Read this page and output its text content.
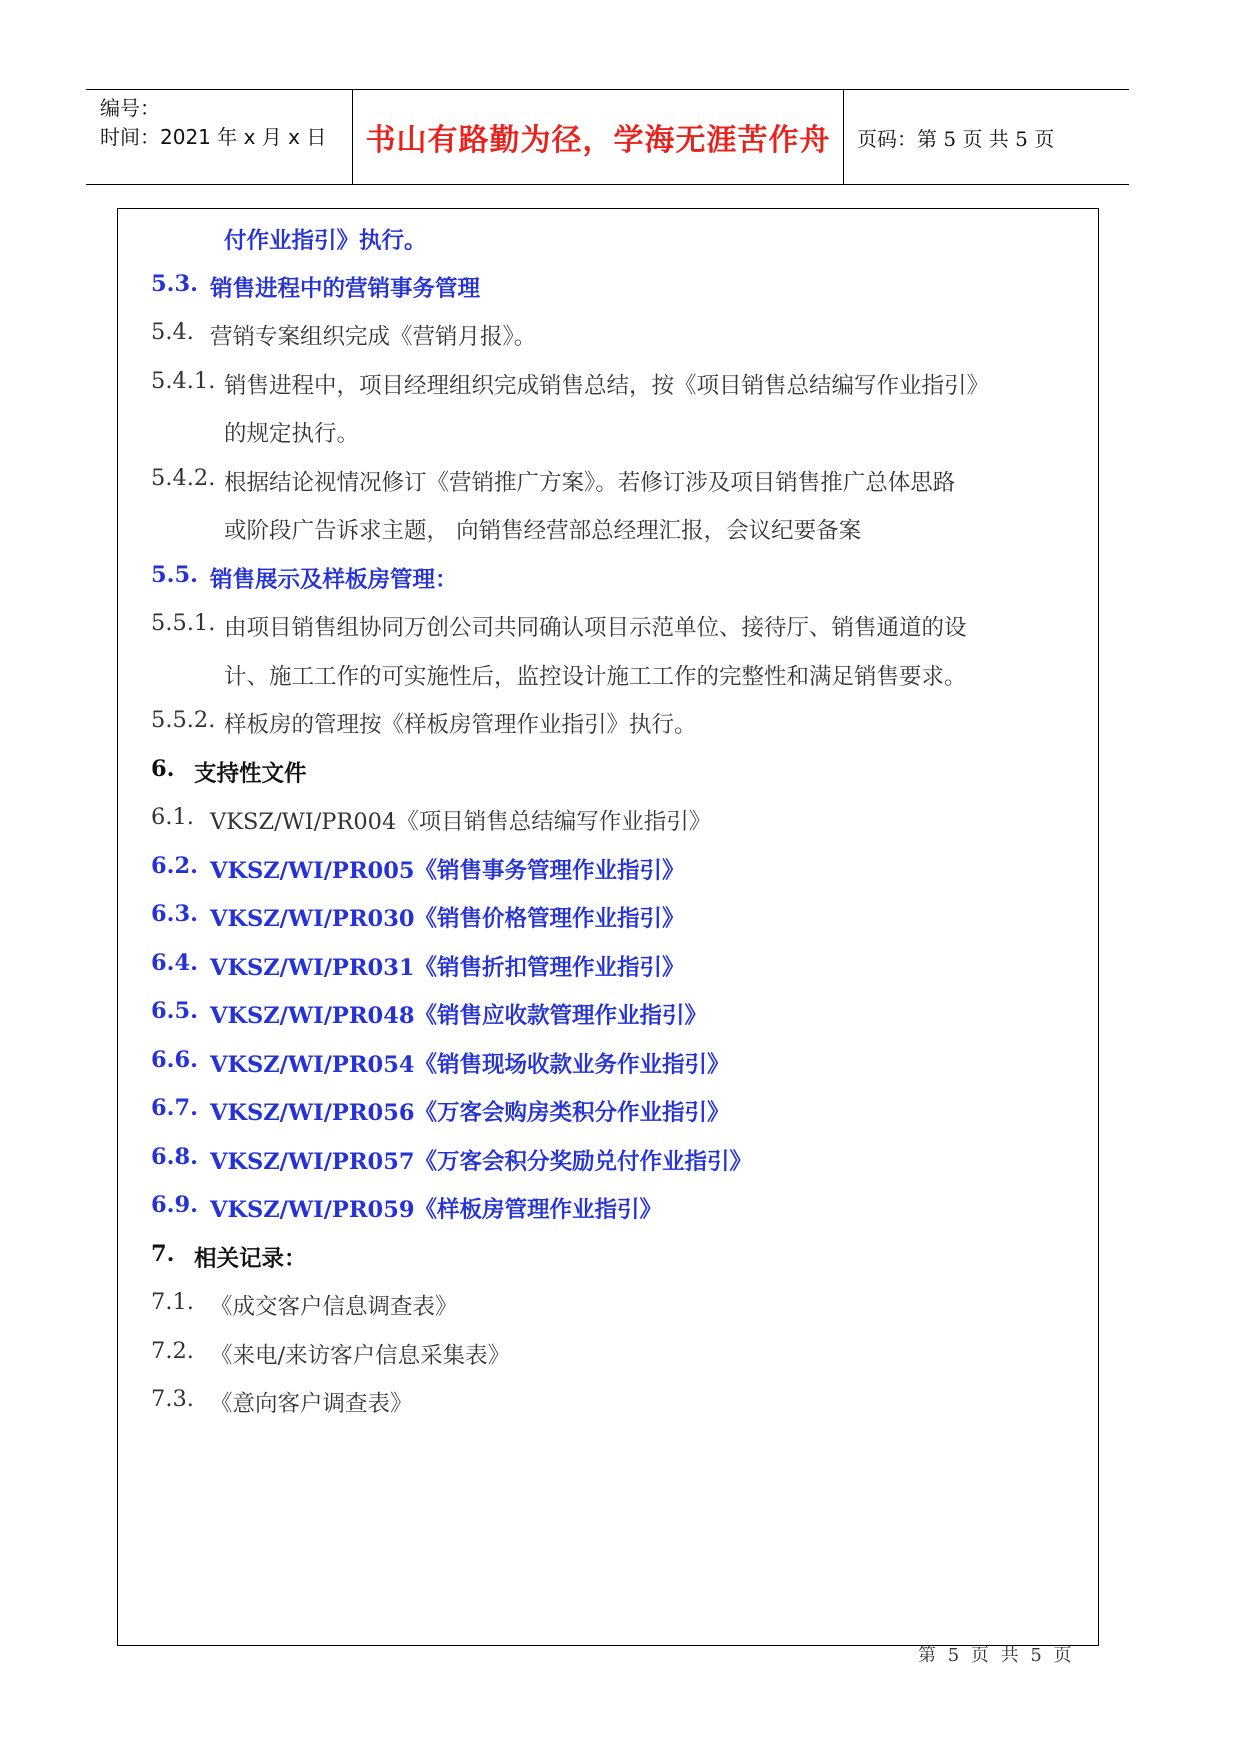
编号：
时间：2021 年 x 月 x 日	书山有路勤为径，学海无涯苦作舟	页码：第 5 页 共 5 页
付作业指引》执行。
5.3. 销售进程中的营销事务管理
5.4. 营销专案组织完成《营销月报》。
5.4.1. 销售进程中，项目经理组织完成销售总结，按《项目销售总结编写作业指引》
的规定执行。
5.4.2. 根据结论视情况修订《营销推广方案》。若修订涉及项目销售推广总体思路
或阶段广告诉求主题， 向销售经营部总经理汇报，会议纪要备案
5.5. 销售展示及样板房管理：
5.5.1. 由项目销售组协同万创公司共同确认项目示范单位、接待厅、销售通道的设
计、施工工作的可实施性后，监控设计施工工作的完整性和满足销售要求。
5.5.2. 样板房的管理按《样板房管理作业指引》执行。
6. 支持性文件
6.1. VKSZ/WI/PR004《项目销售总结编写作业指引》
6.2. VKSZ/WI/PR005《销售事务管理作业指引》
6.3. VKSZ/WI/PR030《销售价格管理作业指引》
6.4. VKSZ/WI/PR031《销售折扣管理作业指引》
6.5. VKSZ/WI/PR048《销售应收款管理作业指引》
6.6. VKSZ/WI/PR054《销售现场收款业务作业指引》
6.7. VKSZ/WI/PR056《万客会购房类积分作业指引》
6.8. VKSZ/WI/PR057《万客会积分奖励兑付作业指引》
6.9. VKSZ/WI/PR059《样板房管理作业指引》
7. 相关记录：
7.1. 《成交客户信息调查表》
7.2. 《来电/来访客户信息采集表》
7.3. 《意向客户调查表》
第 5 页 共 5 页
